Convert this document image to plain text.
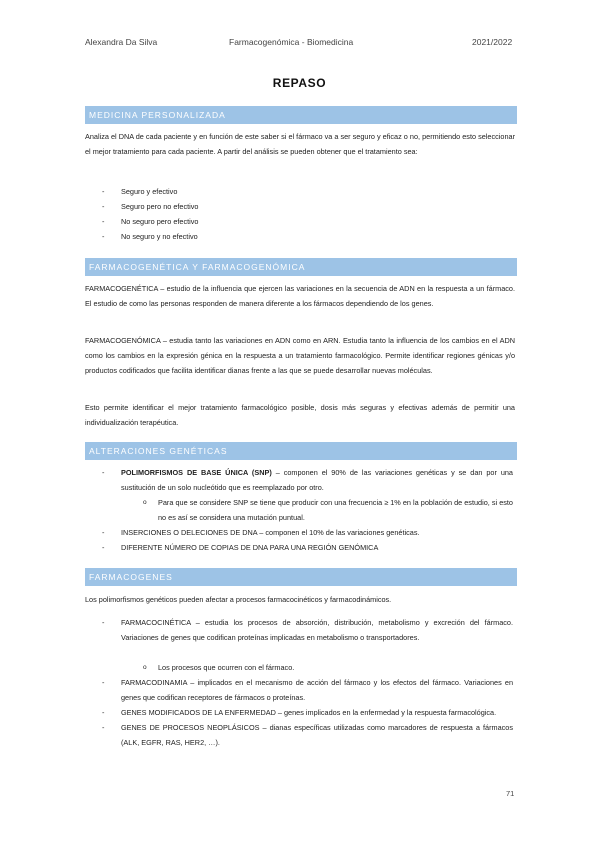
Alexandra Da Silva	Farmacogenómica - Biomedicina	2021/2022
REPASO
MEDICINA PERSONALIZADA
Analiza el DNA de cada paciente y en función de este saber si el fármaco va a ser seguro y eficaz o no, permitiendo esto seleccionar el mejor tratamiento para cada paciente. A partir del análisis se pueden obtener que el tratamiento sea:
- Seguro y efectivo
- Seguro pero no efectivo
- No seguro pero efectivo
- No seguro y no efectivo
FARMACOGENÉTICA Y FARMACOGENÓMICA
FARMACOGENÉTICA – estudio de la influencia que ejercen las variaciones en la secuencia de ADN en la respuesta a un fármaco. El estudio de como las personas responden de manera diferente a los fármacos dependiendo de los genes.
FARMACOGENÓMICA – estudia tanto las variaciones en ADN como en ARN. Estudia tanto la influencia de los cambios en el ADN como los cambios en la expresión génica en la respuesta a un tratamiento farmacológico. Permite identificar regiones génicas y/o productos codificados que facilita identificar dianas frente a las que se puede desarrollar nuevas moléculas.
Esto permite identificar el mejor tratamiento farmacológico posible, dosis más seguras y efectivas además de permitir una individualización terapéutica.
ALTERACIONES GENÉTICAS
- POLIMORFISMOS DE BASE ÚNICA (SNP) – componen el 90% de las variaciones genéticas y se dan por una sustitución de un solo nucleótido que es reemplazado por otro.
o Para que se considere SNP se tiene que producir con una frecuencia ≥ 1% en la población de estudio, si esto no es así se considera una mutación puntual.
- INSERCIONES O DELECIONES DE DNA – componen el 10% de las variaciones genéticas.
- DIFERENTE NÚMERO DE COPIAS DE DNA PARA UNA REGIÓN GENÓMICA
FARMACOGENES
Los polimorfismos genéticos pueden afectar a procesos farmacocinéticos y farmacodinámicos.
- FARMACOCINÉTICA – estudia los procesos de absorción, distribución, metabolismo y excreción del fármaco. Variaciones de genes que codifican proteínas implicadas en metabolismo o transportadores.
o Los procesos que ocurren con el fármaco.
- FARMACODINAMIA – implicados en el mecanismo de acción del fármaco y los efectos del fármaco. Variaciones en genes que codifican receptores de fármacos o proteínas.
- GENES MODIFICADOS DE LA ENFERMEDAD – genes implicados en la enfermedad y la respuesta farmacológica.
- GENES DE PROCESOS NEOPLÁSICOS – dianas específicas utilizadas como marcadores de respuesta a fármacos (ALK, EGFR, RAS, HER2, …).
71
